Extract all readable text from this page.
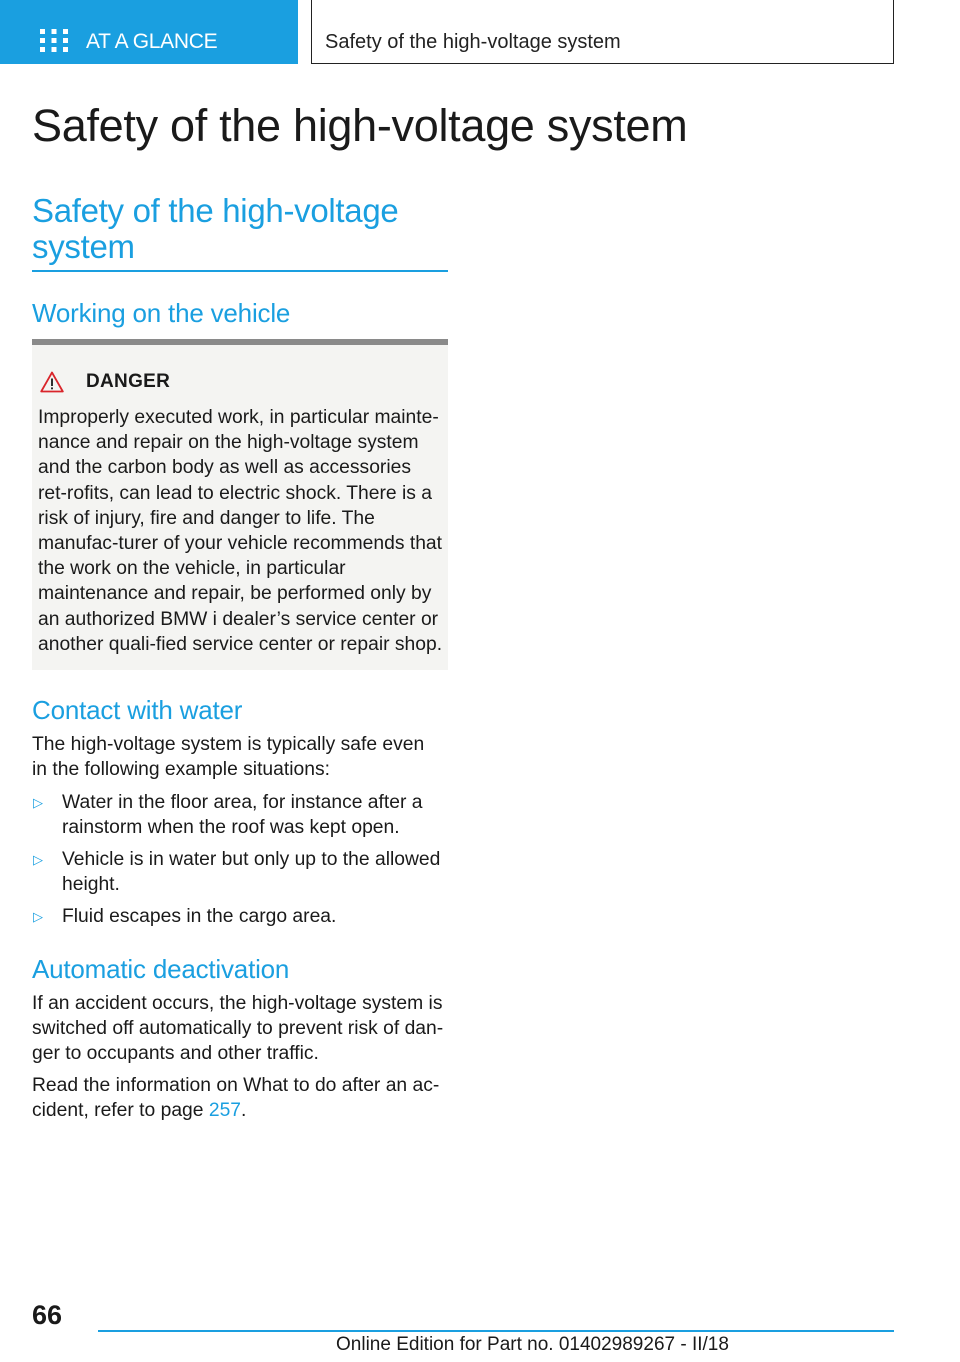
AT A GLANCE	Safety of the high-voltage system
Safety of the high-voltage system
Safety of the high-voltage system
Working on the vehicle
DANGER

Improperly executed work, in particular mainte-nance and repair on the high-voltage system and the carbon body as well as accessories ret-rofits, can lead to electric shock. There is a risk of injury, fire and danger to life. The manufac-turer of your vehicle recommends that the work on the vehicle, in particular maintenance and repair, be performed only by an authorized BMW i dealer’s service center or another quali-fied service center or repair shop.

Contact with water

The high-voltage system is typically safe even in the following example situations:

▷ Water in the floor area, for instance after a rainstorm when the roof was kept open.
▷ Vehicle is in water but only up to the allowed height.
▷ Fluid escapes in the cargo area.
Automatic deactivation

If an accident occurs, the high-voltage system is switched off automatically to prevent risk of dan-ger to occupants and other traffic.

Read the information on What to do after an ac-cident, refer to page 257.

66
Online Edition for Part no. 01402989267 - II/18
